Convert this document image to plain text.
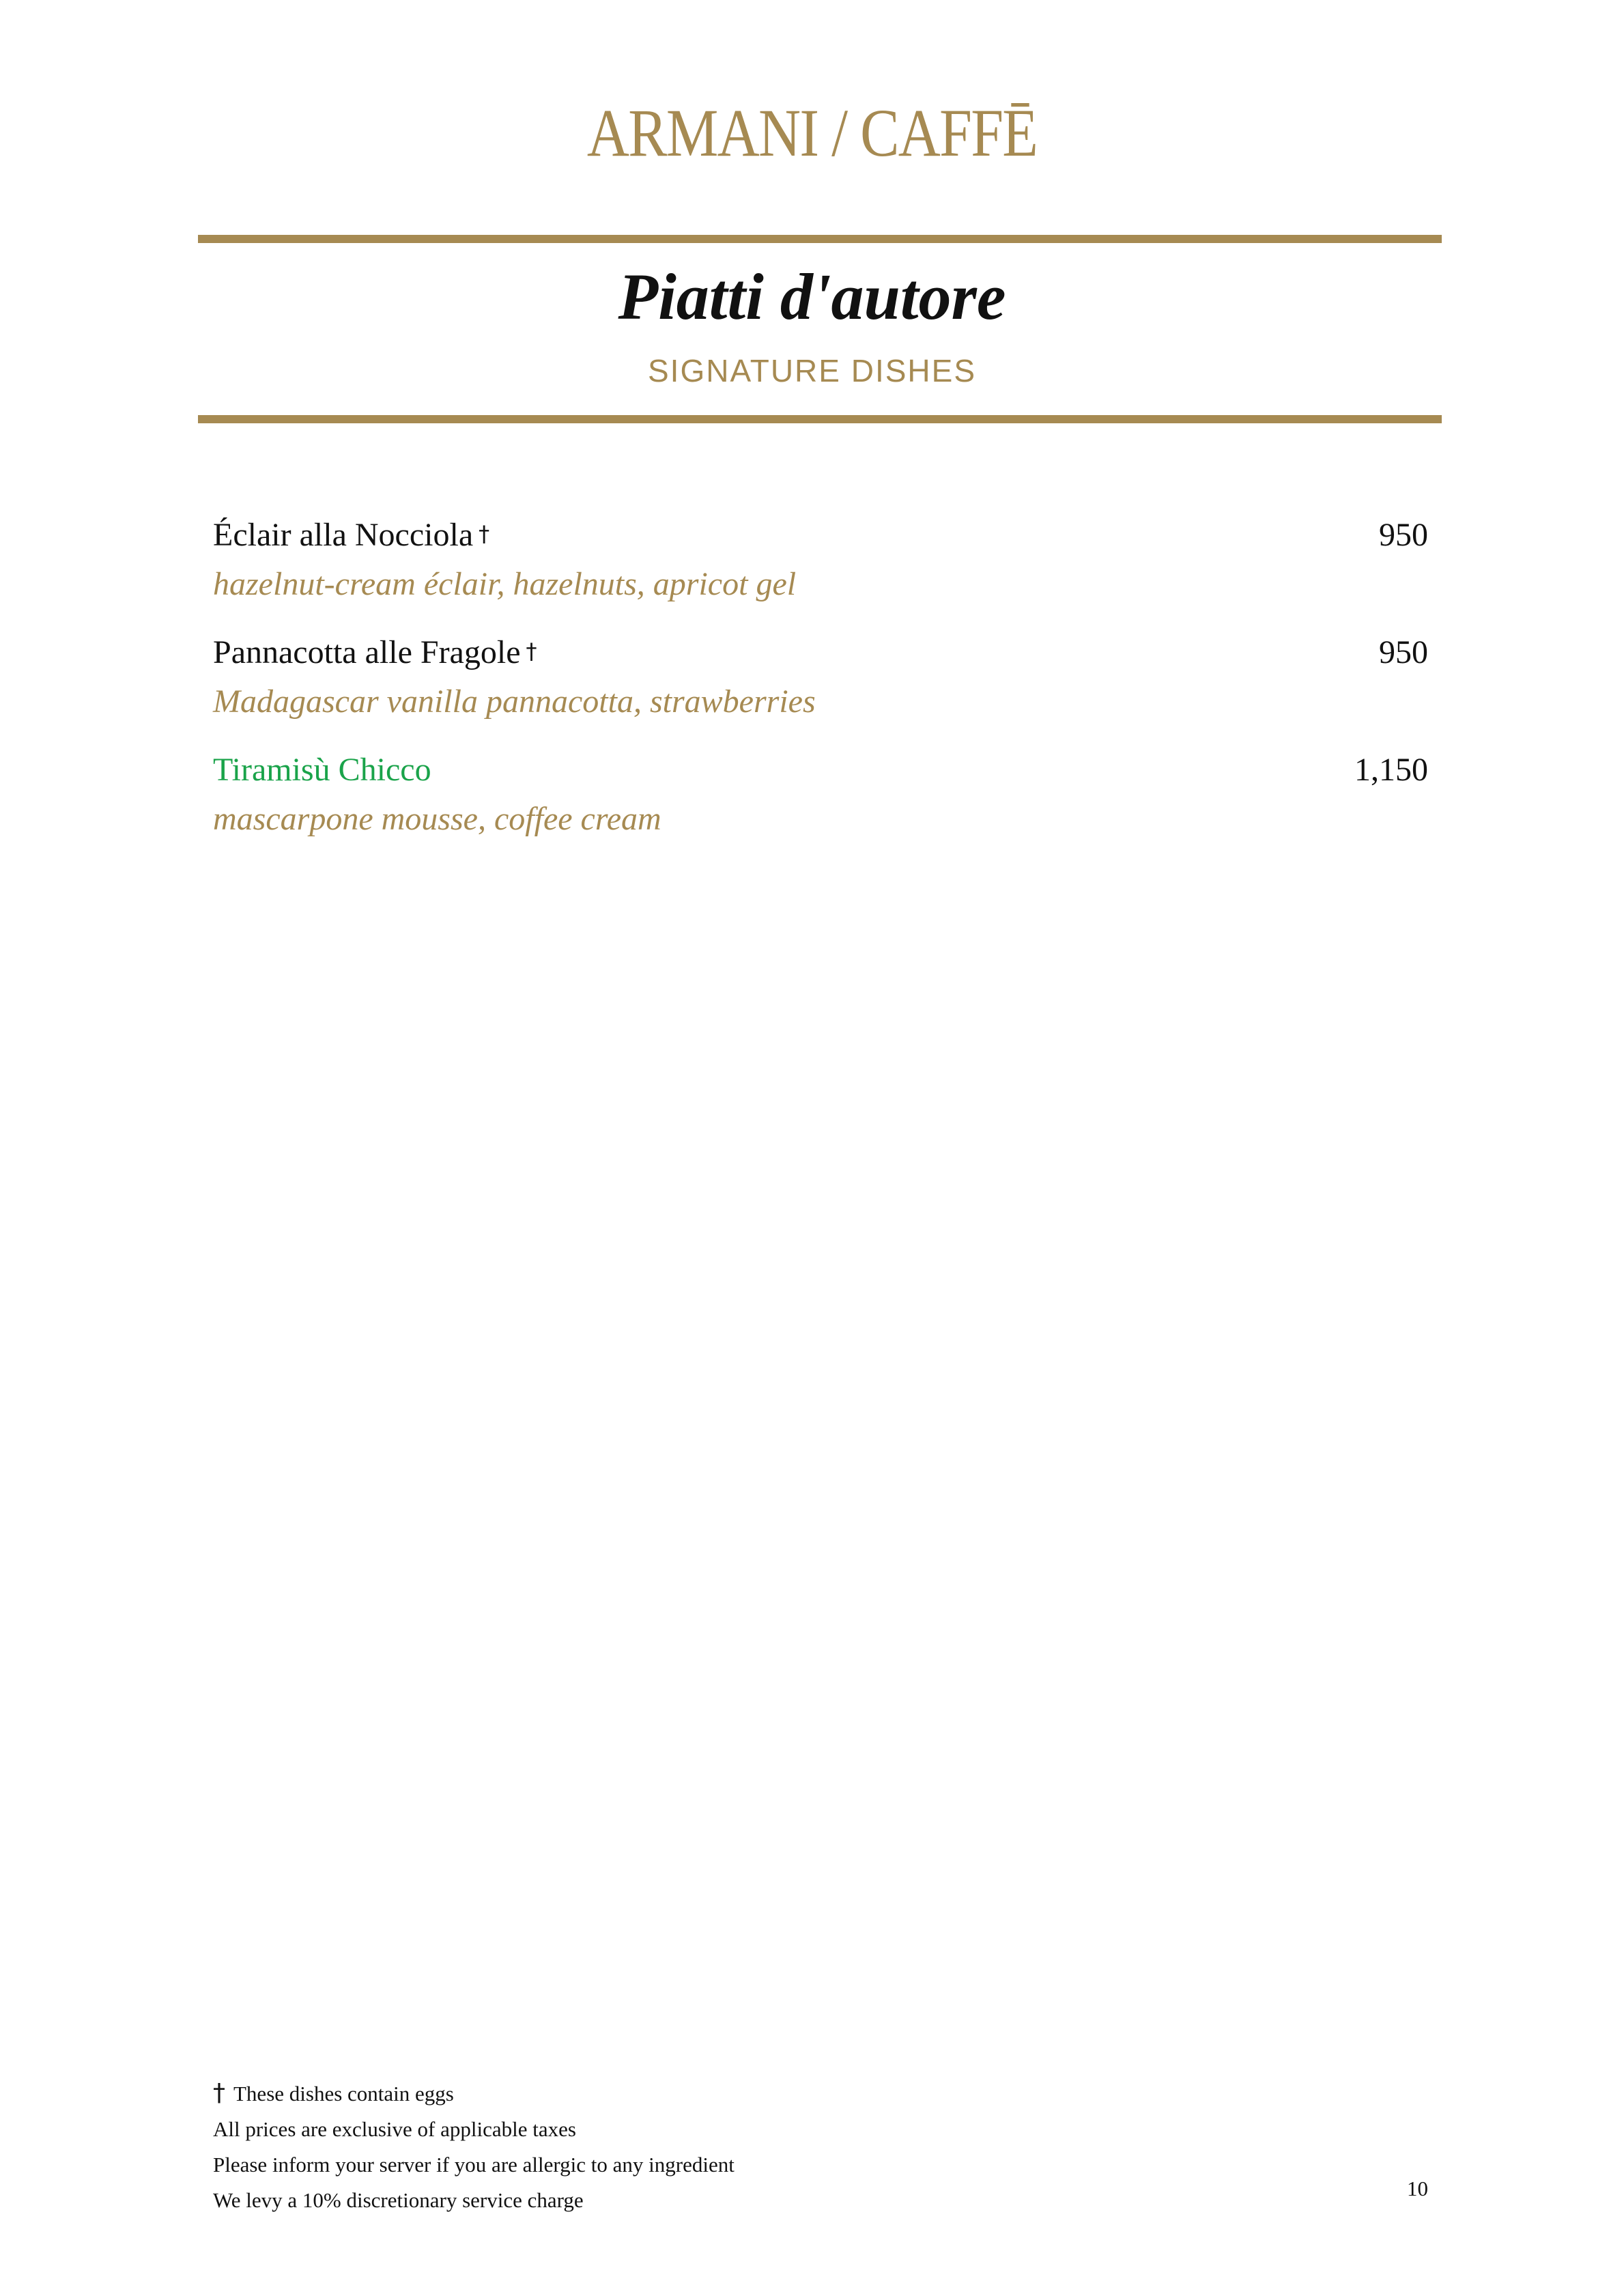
ARMANI / CAFFĒ
Piatti d'autore
SIGNATURE DISHES
Éclair alla Nocciola †	950
hazelnut-cream éclair, hazelnuts, apricot gel
Pannacotta alle Fragole †	950
Madagascar vanilla pannacotta, strawberries
Tiramisù Chicco	1,150
mascarpone mousse, coffee cream
† These dishes contain eggs
All prices are exclusive of applicable taxes
Please inform your server if you are allergic to any ingredient
We levy a 10% discretionary service charge	10
